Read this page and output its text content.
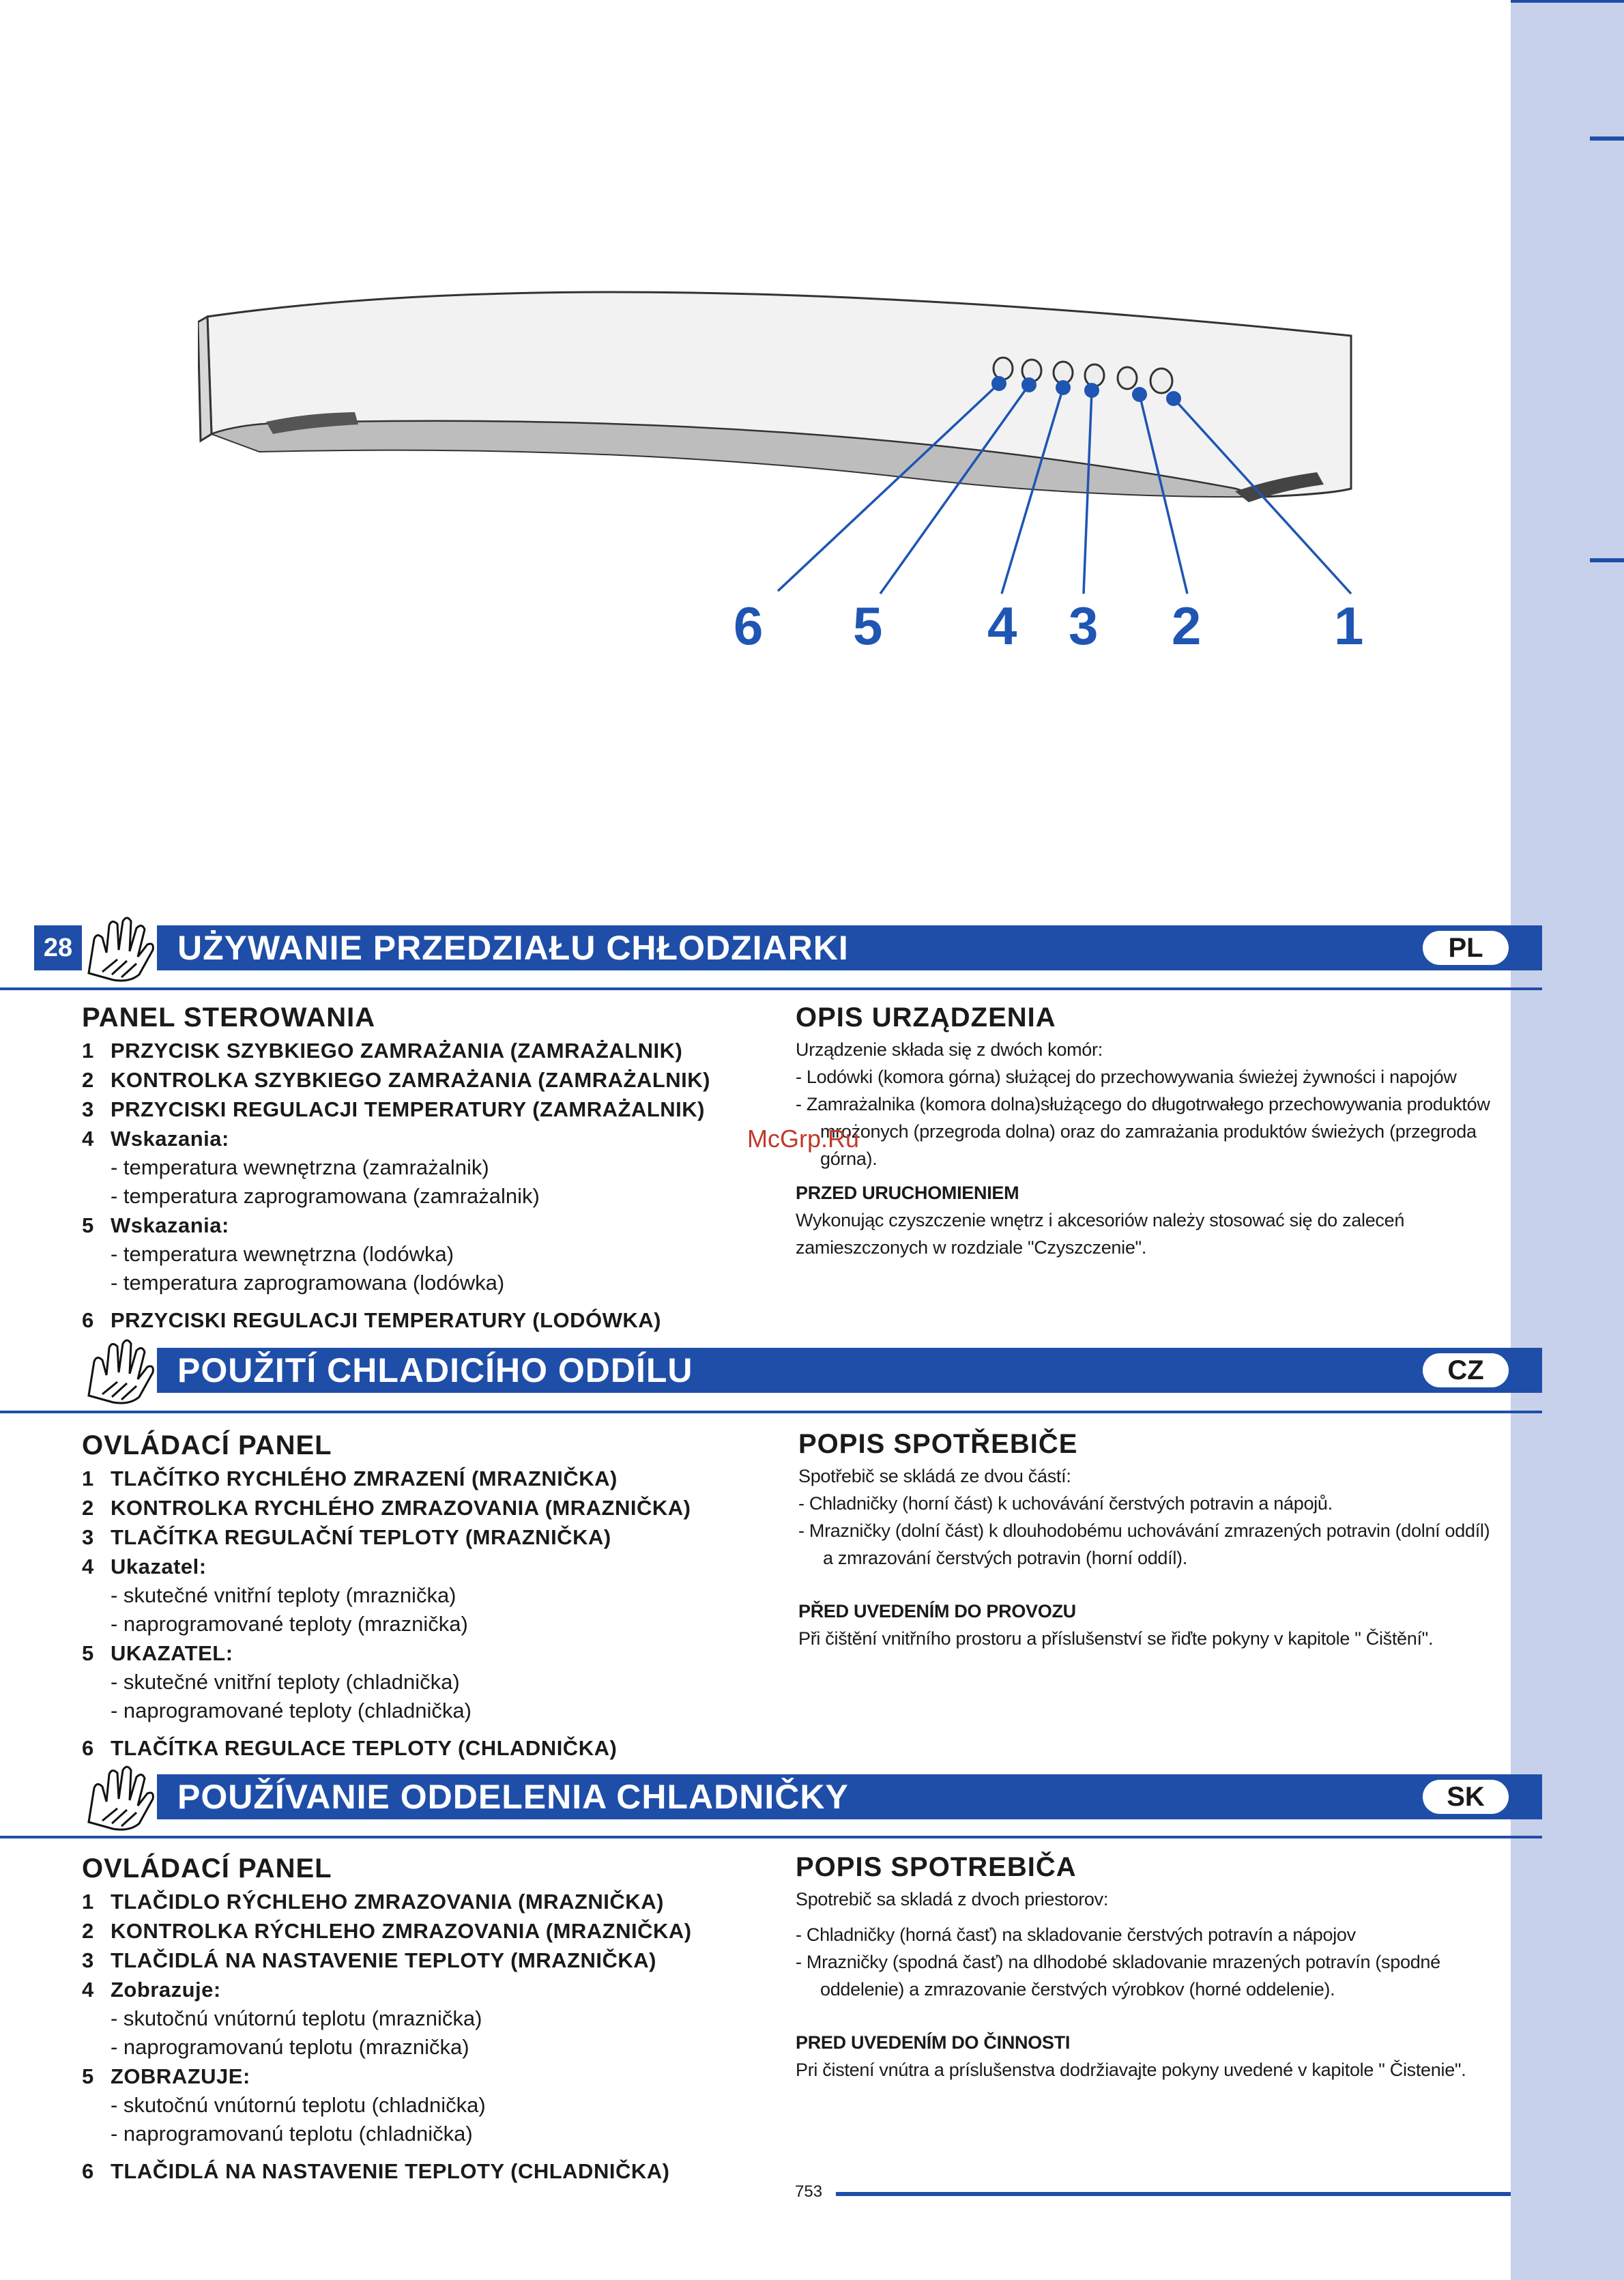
6 5 4 3 2 1
28	UŻYWANIE PRZEDZIAŁU CHŁODZIARKI	PL
PANEL STEROWANIA
1 PRZYCISK SZYBKIEGO ZAMRAŻANIA (ZAMRAŻALNIK)
2 KONTROLKA SZYBKIEGO ZAMRAŻANIA (ZAMRAŻALNIK)
3 PRZYCISKI REGULACJI TEMPERATURY (ZAMRAŻALNIK)
4 Wskazania:
- temperatura wewnętrzna (zamrażalnik)
- temperatura zaprogramowana (zamrażalnik)
5 Wskazania:
- temperatura wewnętrzna (lodówka)
- temperatura zaprogramowana (lodówka)
6 PRZYCISKI REGULACJI TEMPERATURY (LODÓWKA)
OPIS URZĄDZENIA
Urządzenie składa się z dwóch komór:
- Lodówki (komora górna) służącej do przechowywania świeżej żywności i napojów
- Zamrażalnika (komora dolna)służącego do długotrwałego przechowywania produktów mrożonych (przegroda dolna) oraz do zamrażania produktów świeżych (przegroda górna).
PRZED URUCHOMIENIEM
Wykonując czyszczenie wnętrz i akcesoriów należy stosować się do zaleceń zamieszczonych w rozdziale "Czyszczenie".
McGrp.Ru
POUŽITÍ CHLADICÍHO ODDÍLU	CZ
OVLÁDACÍ PANEL
1 TLAČÍTKO RYCHLÉHO ZMRAZENÍ (MRAZNIČKA)
2 KONTROLKA RYCHLÉHO ZMRAZOVANIA (MRAZNIČKA)
3 TLAČÍTKA REGULAČNÍ TEPLOTY (MRAZNIČKA)
4 Ukazatel:
- skutečné vnitřní teploty (mraznička)
- naprogramované teploty (mraznička)
5 UKAZATEL:
- skutečné vnitřní teploty (chladnička)
- naprogramované teploty (chladnička)
6 TLAČÍTKA REGULACE TEPLOTY (CHLADNIČKA)
POPIS SPOTŘEBIČE
Spotřebič se skládá ze dvou částí:
- Chladničky (horní část) k uchovávání čerstvých potravin a nápojů.
- Mrazničky (dolní část) k dlouhodobému uchovávání zmrazených potravin (dolní oddíl) a zmrazování čerstvých potravin (horní oddíl).
PŘED UVEDENÍM DO PROVOZU
Při čištění vnitřního prostoru a příslušenství se řiďte pokyny v kapitole " Čištění".
POUŽÍVANIE ODDELENIA CHLADNIČKY	SK
OVLÁDACÍ PANEL
1 TLAČIDLO RÝCHLEHO ZMRAZOVANIA (MRAZNIČKA)
2 KONTROLKA RÝCHLEHO ZMRAZOVANIA (MRAZNIČKA)
3 TLAČIDLÁ NA NASTAVENIE TEPLOTY (MRAZNIČKA)
4 Zobrazuje:
- skutočnú vnútornú teplotu (mraznička)
- naprogramovanú teplotu (mraznička)
5 ZOBRAZUJE:
- skutočnú vnútornú teplotu (chladnička)
- naprogramovanú teplotu (chladnička)
6 TLAČIDLÁ NA NASTAVENIE TEPLOTY (CHLADNIČKA)
POPIS SPOTREBIČA
Spotrebič sa skladá z dvoch priestorov:
- Chladničky (horná časť) na skladovanie čerstvých potravín a nápojov
- Mrazničky (spodná časť) na dlhodobé skladovanie mrazených potravín (spodné oddelenie) a zmrazovanie čerstvých výrobkov (horné oddelenie).
PRED UVEDENÍM DO ČINNOSTI
Pri čistení vnútra a príslušenstva dodržiavajte pokyny uvedené v kapitole " Čistenie".
753
